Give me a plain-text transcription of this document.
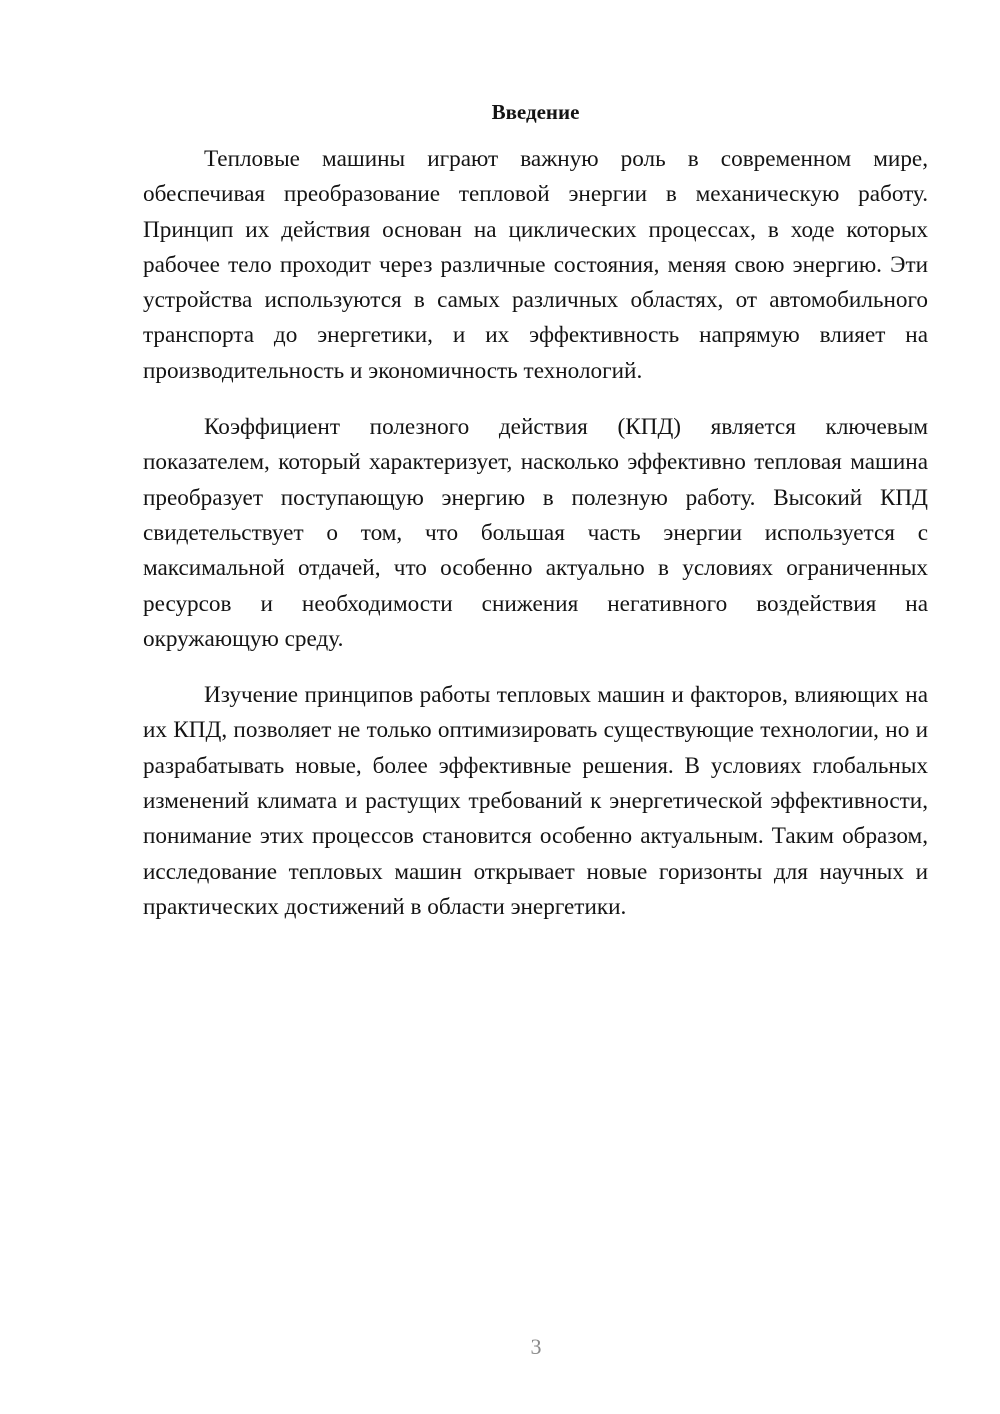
Введение

Тепловые машины играют важную роль в современном мире, обеспечивая преобразование тепловой энергии в механическую работу. Принцип их действия основан на циклических процессах, в ходе которых рабочее тело проходит через различные состояния, меняя свою энергию. Эти устройства используются в самых различных областях, от автомобильного транспорта до энергетики, и их эффективность напрямую влияет на производительность и экономичность технологий.

Коэффициент полезного действия (КПД) является ключевым показателем, который характеризует, насколько эффективно тепловая машина преобразует поступающую энергию в полезную работу. Высокий КПД свидетельствует о том, что большая часть энергии используется с максимальной отдачей, что особенно актуально в условиях ограниченных ресурсов и необходимости снижения негативного воздействия на окружающую среду.

Изучение принципов работы тепловых машин и факторов, влияющих на их КПД, позволяет не только оптимизировать существующие технологии, но и разрабатывать новые, более эффективные решения. В условиях глобальных изменений климата и растущих требований к энергетической эффективности, понимание этих процессов становится особенно актуальным. Таким образом, исследование тепловых машин открывает новые горизонты для научных и практических достижений в области энергетики.

3
